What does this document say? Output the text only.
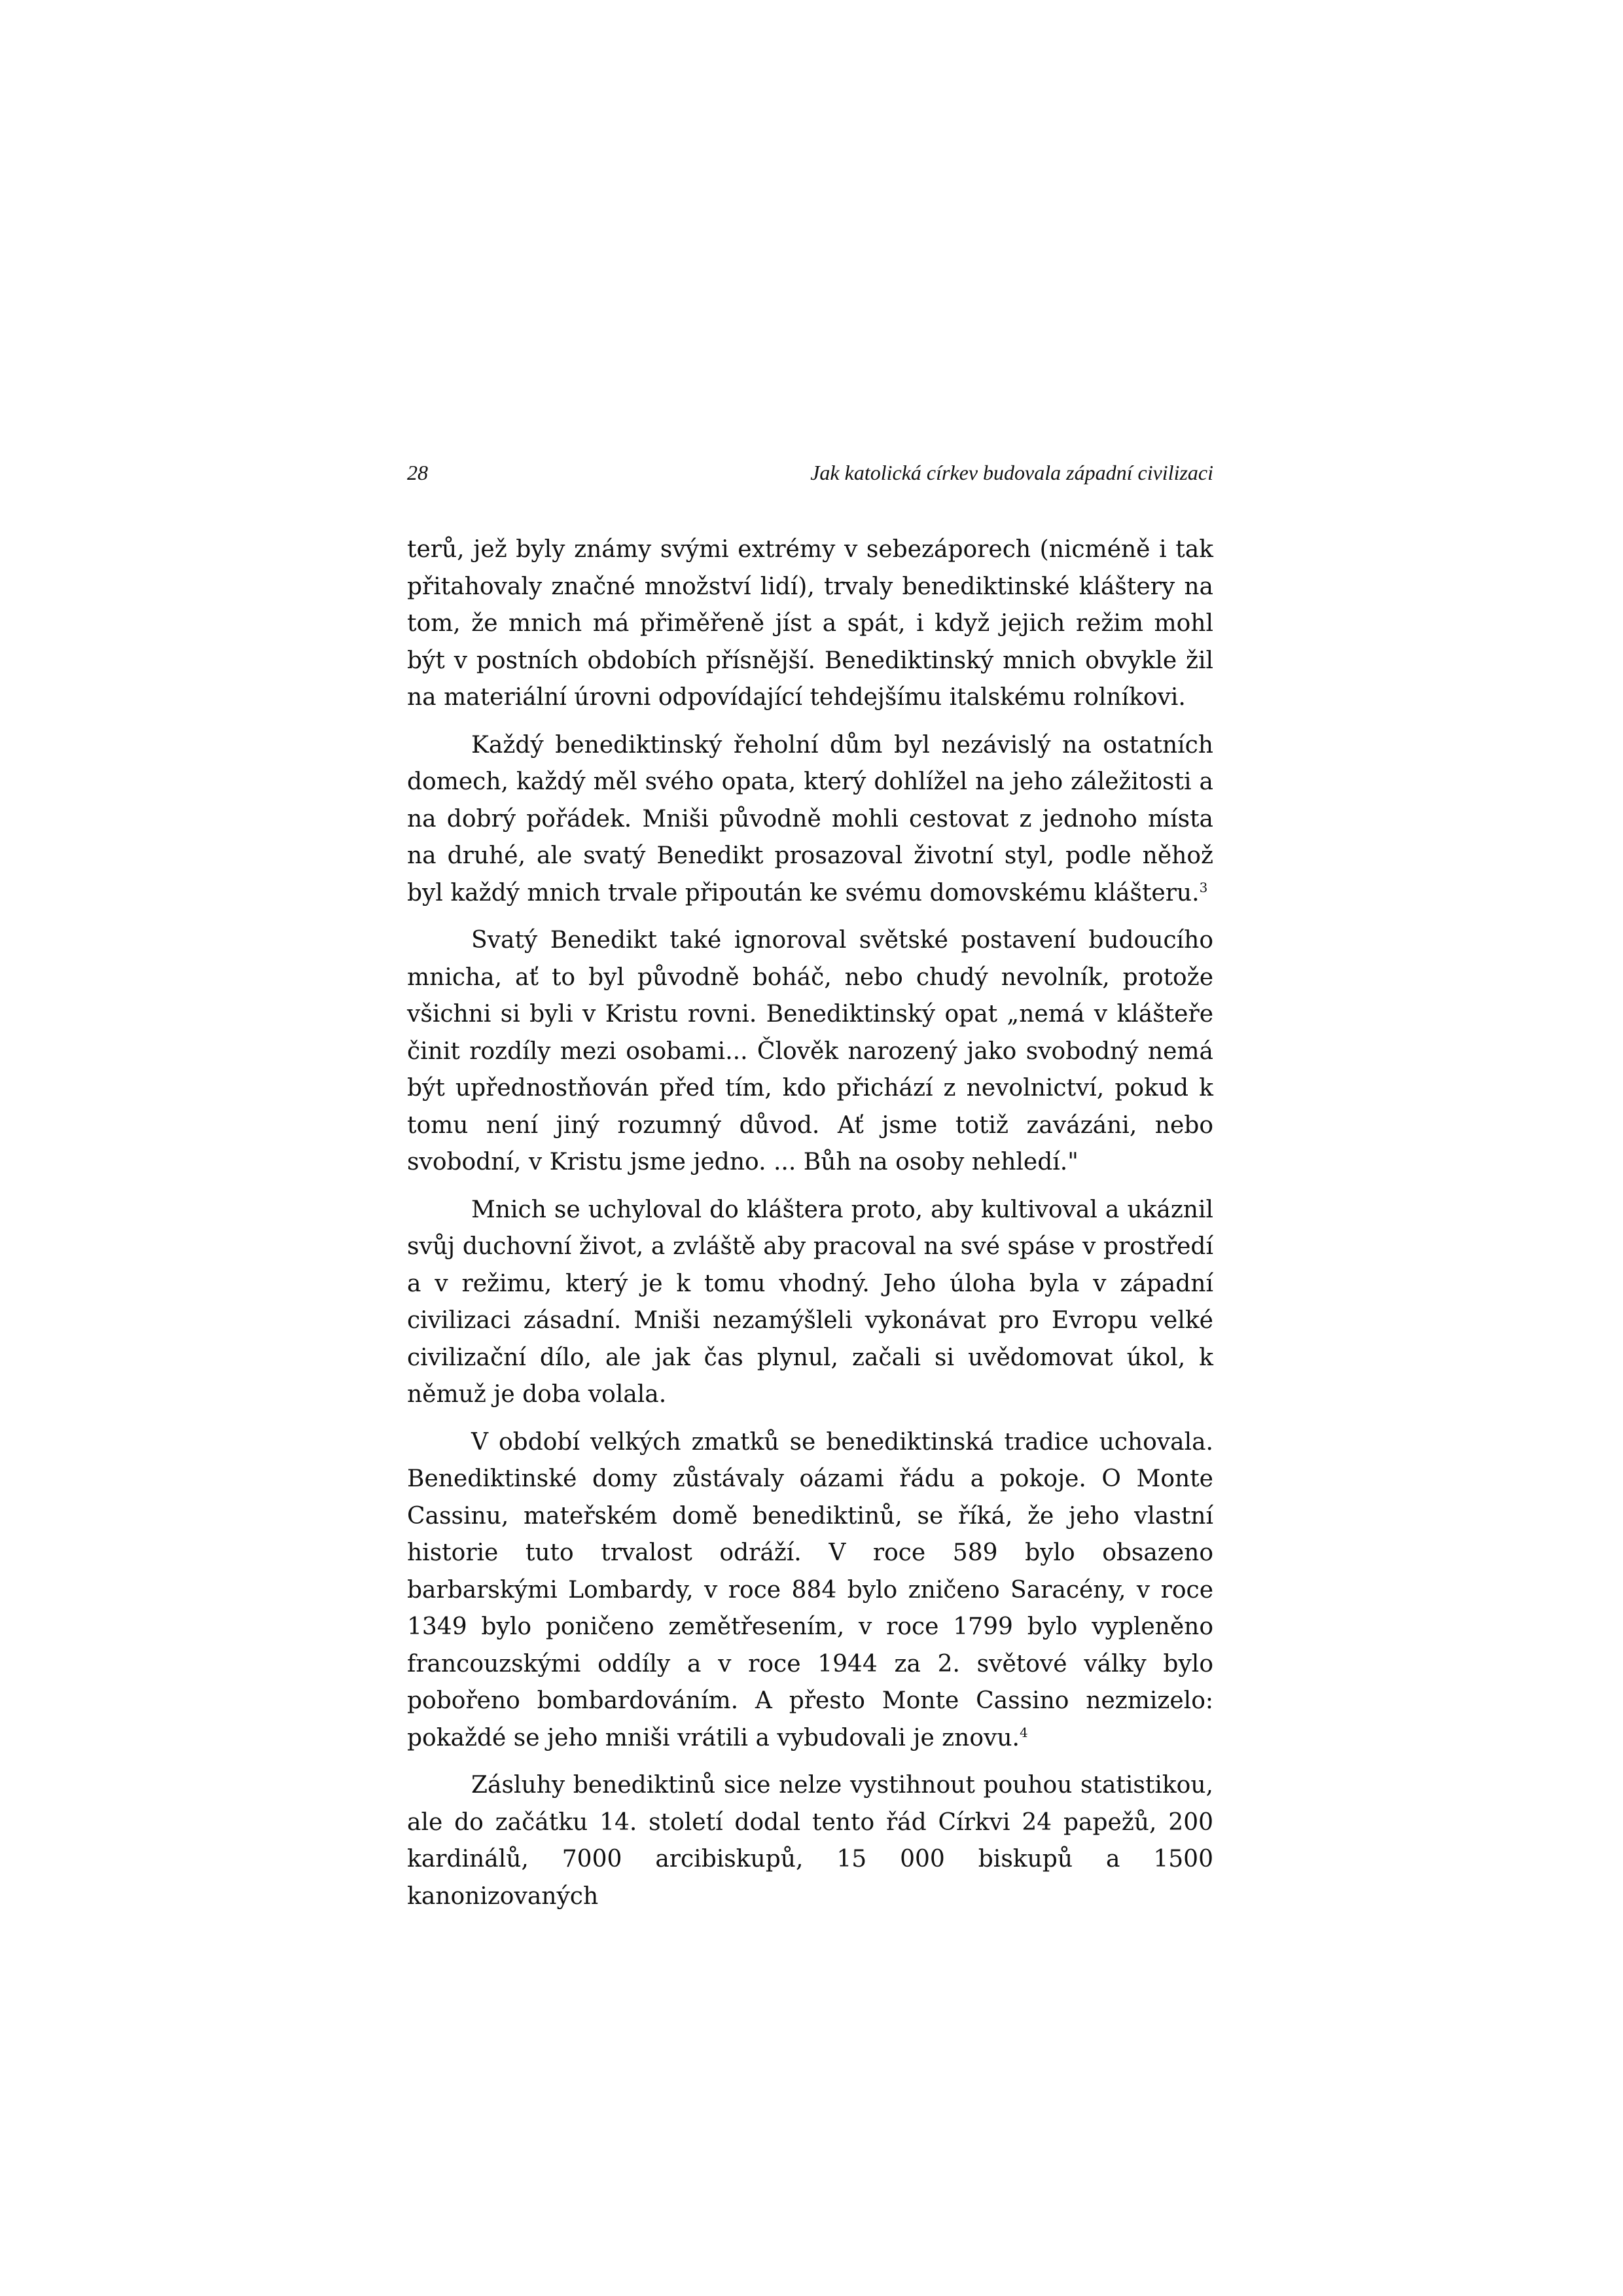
28	Jak katolická církev budovala západní civilizaci

terů, jež byly známy svými extrémy v sebezáporech (nicméně i tak přitahovaly značné množství lidí), trvaly benediktinské kláštery na tom, že mnich má přiměřeně jíst a spát, i když jejich režim mohl být v postních obdobích přísnější. Benediktinský mnich obvykle žil na materiální úrovni odpovídající tehdejšímu italskému rolníkovi.

Každý benediktinský řeholní dům byl nezávislý na ostatních domech, každý měl svého opata, který dohlížel na jeho záležitosti a na dobrý pořádek. Mniši původně mohli cestovat z jednoho místa na druhé, ale svatý Benedikt prosazoval životní styl, podle něhož byl každý mnich trvale připoután ke svému domovskému klášteru.$^3$

Svatý Benedikt také ignoroval světské postavení budoucího mnicha, ať to byl původně boháč, nebo chudý nevolník, protože všichni si byli v Kristu rovni. Benediktinský opat „nemá v klášteře činit rozdíly mezi osobami... Člověk narozený jako svobodný nemá být upřednostňován před tím, kdo přichází z nevolnictví, pokud k tomu není jiný rozumný důvod. Ať jsme totiž zavázáni, nebo svobodní, v Kristu jsme jedno. ... Bůh na osoby nehledí."

Mnich se uchyloval do kláštera proto, aby kultivoval a ukáznil svůj duchovní život, a zvláště aby pracoval na své spáse v prostředí a v režimu, který je k tomu vhodný. Jeho úloha byla v západní civilizaci zásadní. Mniši nezamýšleli vykonávat pro Evropu velké civilizační dílo, ale jak čas plynul, začali si uvědomovat úkol, k němuž je doba volala.

V období velkých zmatků se benediktinská tradice uchovala. Benediktinské domy zůstávaly oázami řádu a pokoje. O Monte Cassinu, mateřském domě benediktinů, se říká, že jeho vlastní historie tuto trvalost odráží. V roce 589 bylo obsazeno barbarskými Lombardy, v roce 884 bylo zničeno Saracény, v roce 1349 bylo poničeno zemětřesením, v roce 1799 bylo vypleněno francouzskými oddíly a v roce 1944 za 2. světové války bylo pobořeno bombardováním. A přesto Monte Cassino nezmizelo: pokaždé se jeho mniši vrátili a vybudovali je znovu.$^4$

Zásluhy benediktinů sice nelze vystihnout pouhou statistikou, ale do začátku 14. století dodal tento řád Církvi 24 papežů, 200 kardinálů, 7000 arcibiskupů, 15 000 biskupů a 1500 kanonizovaných
